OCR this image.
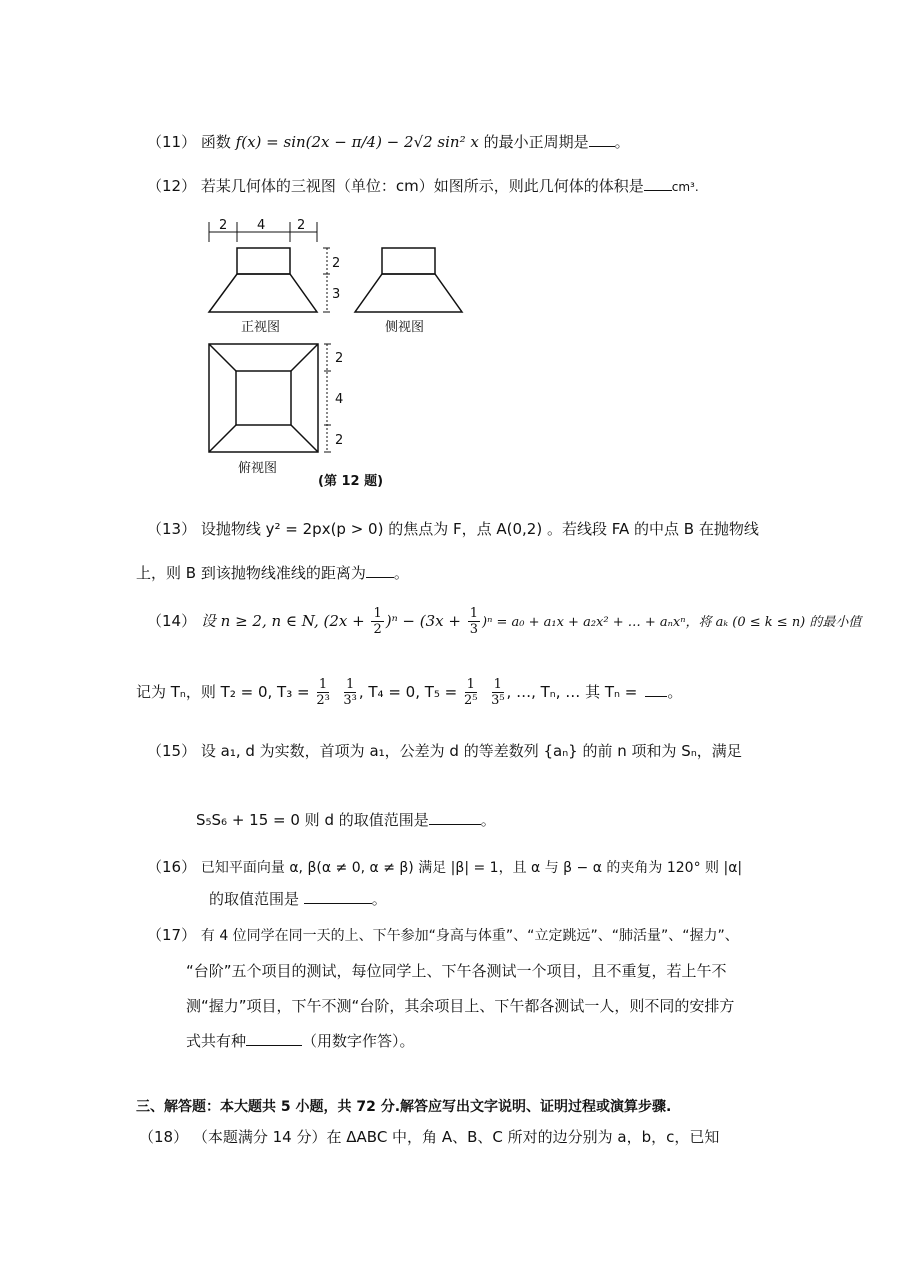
（11） 函数 f(x) = sin(2x − π/4) − 2√2 sin² x 的最小正周期是 。
（12） 若某几何体的三视图（单位：cm）如图所示，则此几何体的体积是 cm³.
2 4 2
2
3
2
4
2
正视图	侧视图
俯视图
(第 12 题)
（13） 设抛物线 y² = 2px(p > 0) 的焦点为 F，点 A(0,2) 。若线段 FA 的中点 B 在抛物线
上，则 B 到该抛物线准线的距离为 。
（14） 设 n ≥ 2, n ∈ N, $(2x + \frac{1}{2} )^n - (3x + \frac{1}{3} )^n = a_0 + a_1x + a_2x^2$ + … + aₙxⁿ，将 aₖ (0 ≤ k ≤ n) 的最小值
记为 Tₙ，则 T₂ = 0, $T_3 = \frac{1}{\text{2³}}$
$\frac{1}{\text{3³}}$ , T₄ = 0, $T_5 = \frac{1}{\text{2⁵}}$
$\frac{1}{\text{3⁵}}$ , …, Tₙ, … 其 Tₙ = 。
（15） 设 a₁, d 为实数，首项为 a₁，公差为 d 的等差数列 {aₙ} 的前 n 项和为 Sₙ，满足
S₅S₆ + 15 = 0 则 d 的取值范围是	。
（16） 已知平面向量 α, β(α ≠ 0, α ≠ β) 满足 |β| = 1，且 α 与 β − α 的夹角为 120° 则 |α|
的取值范围是	。
（17） 有 4 位同学在同一天的上、下午参加“身高与体重”、“立定跳远”、“肺活量”、“握力”、
“台阶”五个项目的测试，每位同学上、下午各测试一个项目，且不重复，若上午不
测“握力”项目，下午不测“台阶，其余项目上、下午都各测试一人，则不同的安排方
式共有种	（用数字作答）。
三、解答题：本大题共 5 小题，共 72 分.解答应写出文字说明、证明过程或演算步骤.
（18） （本题满分 14 分）在 ΔABC 中，角 A、B、C 所对的边分别为 a，b，c，已知
